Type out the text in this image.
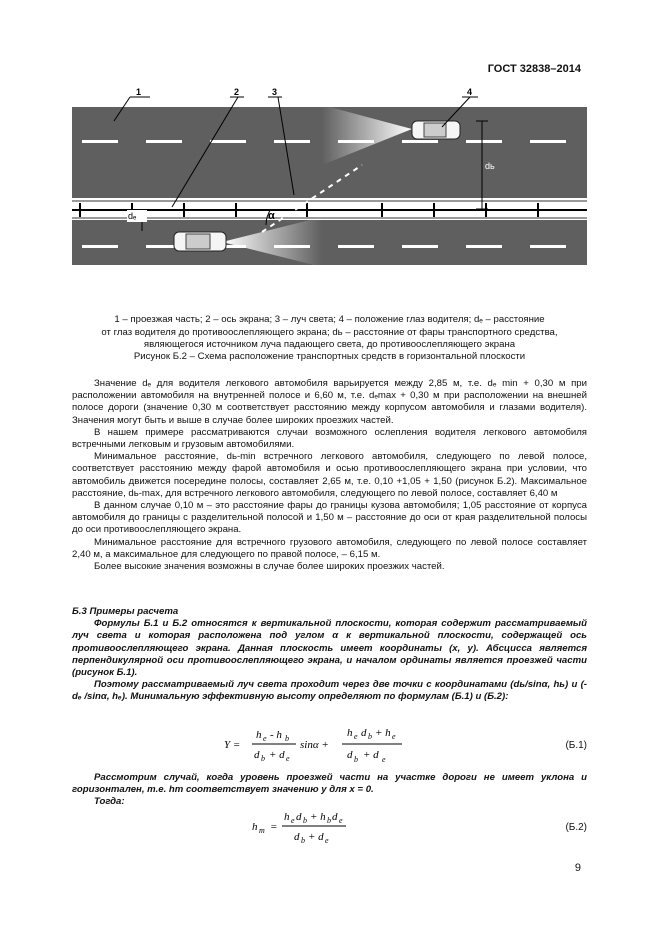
ГОСТ 32838–2014
dь
dₑ	α
1	2	3	4
1 – проезжая часть; 2 – ось экрана; 3 – луч света; 4 – положение глаз водителя; dₑ – расстояние
от глаз водителя до противоослепляющего экрана; dь – расстояние от фары транспортного средства,
являющегося источником луча падающего света, до противоослепляющего экрана
Рисунок Б.2 – Схема расположение транспортных средств в горизонтальной плоскости

Значение dₑ для водителя легкового автомобиля варьируется между 2,85 м, т.е. dₑ min + 0,30 м при расположении автомобиля на внутренней полосе и 6,60 м, т.е. dₑmax + 0,30 м при расположении на внешней полосе дороги (значение 0,30 м соответствует расстоянию между корпусом автомобиля и глазами водителя). Значения могут быть и выше в случае более широких проезжих частей.

В нашем примере рассматриваются случаи возможного ослепления водителя легкового автомобиля встречными легковым и грузовым автомобилями.

Минимальное расстояние, dь-min встречного легкового автомобиля, следующего по левой полосе, соответствует расстоянию между фарой автомобиля и осью противоослепляющего экрана при условии, что автомобиль движется посередине полосы, составляет 2,65 м, т.е. 0,10 +1,05 + 1,50 (рисунок Б.2). Максимальное расстояние, dь-max, для встречного легкового автомобиля, следующего по левой полосе, составляет 6,40 м

В данном случае 0,10 м – это расстояние фары до границы кузова автомобиля; 1,05 расстояние от корпуса автомобиля до границы с разделительной полосой и 1,50 м – расстояние до оси от края разделительной полосы до оси противоослепляющего экрана.

Минимальное расстояние для встречного грузового автомобиля, следующего по левой полосе составляет 2,40 м, а максимальное для следующего по правой полосе, – 6,15 м.

Более высокие значения возможны в случае более широких проезжих частей.

Б.3 Примеры расчета

Формулы Б.1 и Б.2 относятся к вертикальной плоскости, которая содержит рассматриваемый луч света и которая расположена под углом α к вертикальной плоскости, содержащей ось противоослепляющего экрана. Данная плоскость имеет координаты (x, y). Абсцисса является перпендикулярной оси противоослепляющего экрана, и началом ординаты является проезжей части (рисунок Б.1).

Поэтому рассматриваемый луч света проходит через две точки с координатами (dь/sinα, hь) и (-dₑ /sinα, hₑ). Минимальную эффективную высоту определяют по формулам (Б.1) и (Б.2):

Y =
h e - h b
d b + d e
sinα +
h e d b + h e
d b + d e
(Б.1)

Рассмотрим случай, когда уровень проезжей части на участке дороги не имеет уклона и горизонтален, т.е. hm соответствует значению y для x = 0.

Тогда:

h m =
h e d b + h b d e
d b + d e
(Б.2)
9
